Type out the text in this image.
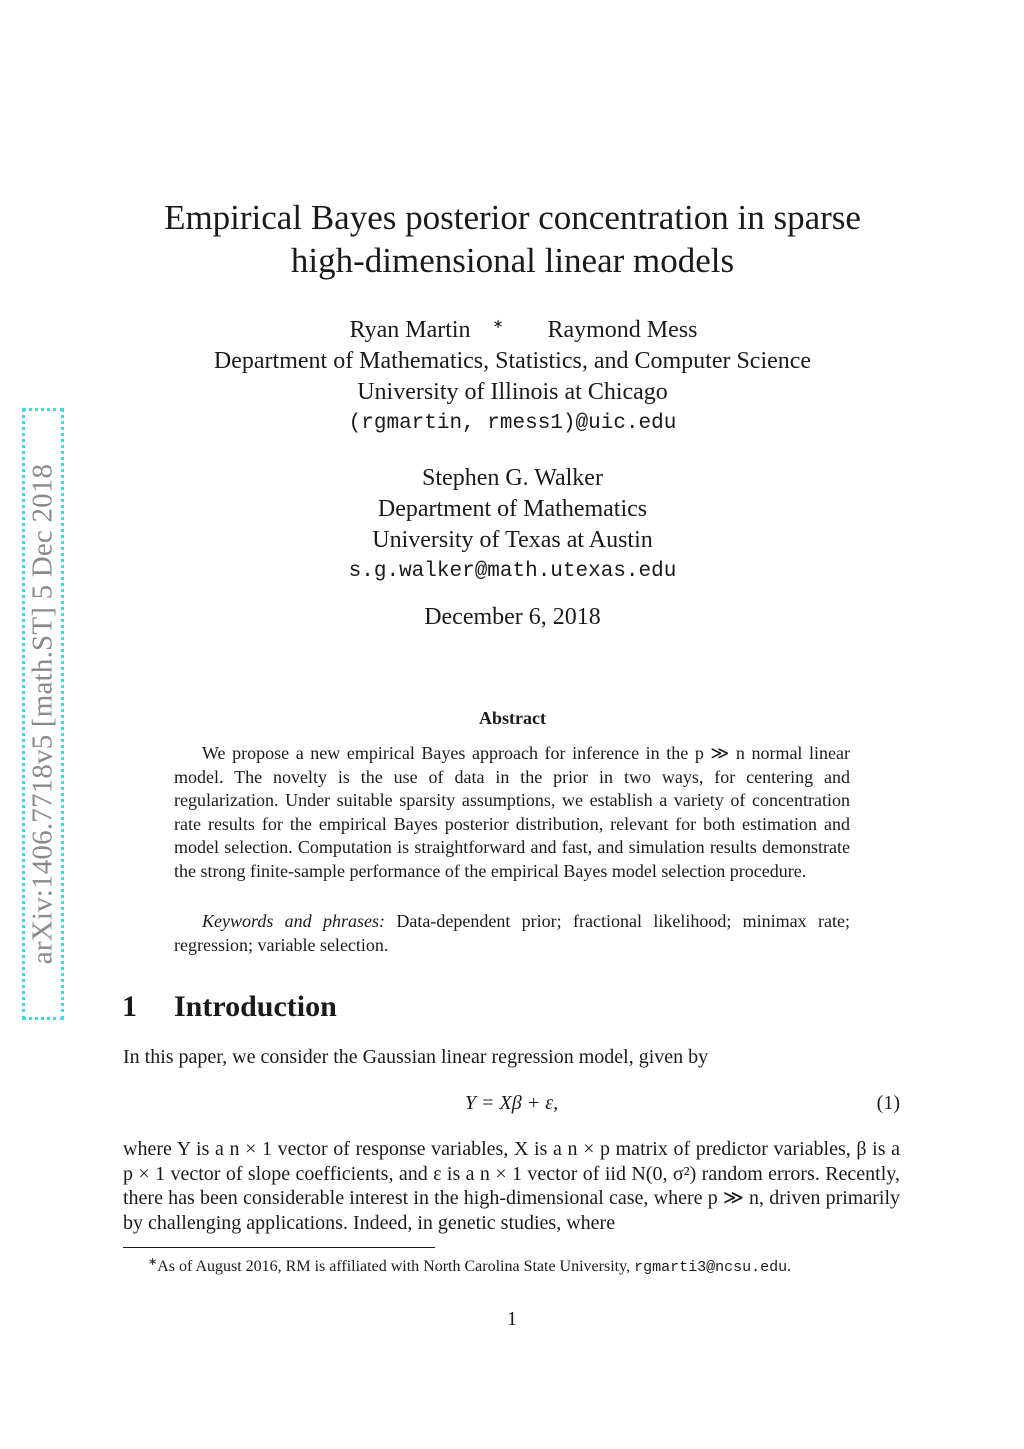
arXiv:1406.7718v5 [math.ST] 5 Dec 2018
Empirical Bayes posterior concentration in sparse
high-dimensional linear models
Ryan Martin ∗ Raymond Mess
Department of Mathematics, Statistics, and Computer Science
University of Illinois at Chicago
(rgmartin, rmess1)@uic.edu
Stephen G. Walker
Department of Mathematics
University of Texas at Austin
s.g.walker@math.utexas.edu
December 6, 2018
Abstract

We propose a new empirical Bayes approach for inference in the p ≫ n normal linear model. The novelty is the use of data in the prior in two ways, for centering and regularization. Under suitable sparsity assumptions, we establish a variety of concentration rate results for the empirical Bayes posterior distribution, relevant for both estimation and model selection. Computation is straightforward and fast, and simulation results demonstrate the strong finite-sample performance of the empirical Bayes model selection procedure.

Keywords and phrases: Data-dependent prior; fractional likelihood; minimax rate; regression; variable selection.

1 Introduction

In this paper, we consider the Gaussian linear regression model, given by

Y = Xβ + ε,	(1)

where Y is a n × 1 vector of response variables, X is a n × p matrix of predictor variables, β is a p × 1 vector of slope coefficients, and ε is a n × 1 vector of iid N(0, σ²) random errors. Recently, there has been considerable interest in the high-dimensional case, where p ≫ n, driven primarily by challenging applications. Indeed, in genetic studies, where

∗As of August 2016, RM is affiliated with North Carolina State University, rgmarti3@ncsu.edu.
1
